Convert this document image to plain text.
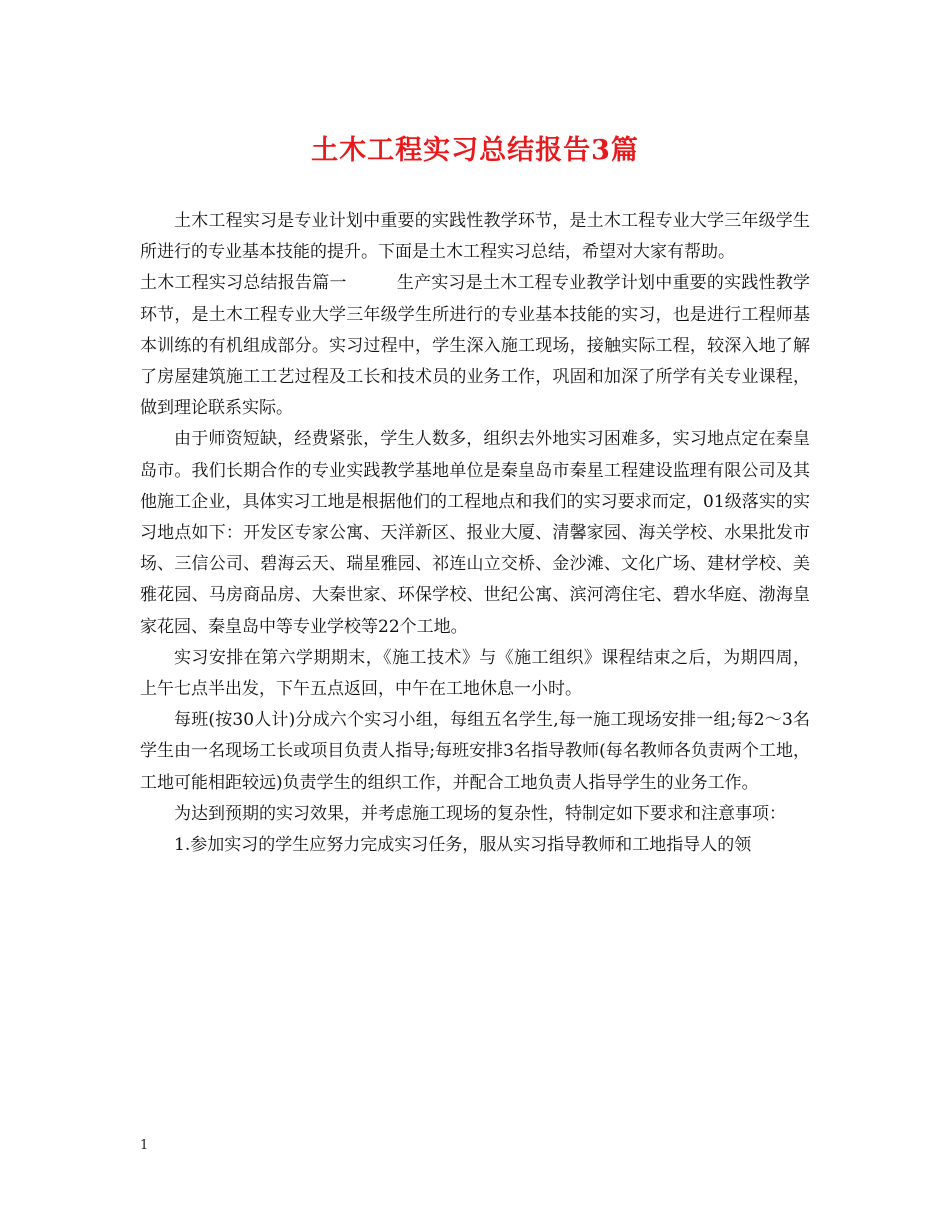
土木工程实习总结报告3篇

土木工程实习是专业计划中重要的实践性教学环节，是土木工程专业大学三年级学生所进行的专业基本技能的提升。下面是土木工程实习总结，希望对大家有帮助。

土木工程实习总结报告篇一	生产实习是土木工程专业教学计划中重要的实践性教学环节，是土木工程专业大学三年级学生所进行的专业基本技能的实习，也是进行工程师基本训练的有机组成部分。实习过程中，学生深入施工现场，接触实际工程，较深入地了解了房屋建筑施工工艺过程及工长和技术员的业务工作，巩固和加深了所学有关专业课程，做到理论联系实际。

由于师资短缺，经费紧张，学生人数多，组织去外地实习困难多，实习地点定在秦皇岛市。我们长期合作的专业实践教学基地单位是秦皇岛市秦星工程建设监理有限公司及其他施工企业，具体实习工地是根据他们的工程地点和我们的实习要求而定，01级落实的实习地点如下：开发区专家公寓、天洋新区、报业大厦、清馨家园、海关学校、水果批发市场、三信公司、碧海云天、瑞星雅园、祁连山立交桥、金沙滩、文化广场、建材学校、美雅花园、马房商品房、大秦世家、环保学校、世纪公寓、滨河湾住宅、碧水华庭、渤海皇家花园、秦皇岛中等专业学校等22个工地。

实习安排在第六学期期末，《施工技术》与《施工组织》课程结束之后，为期四周，上午七点半出发，下午五点返回，中午在工地休息一小时。

每班(按30人计)分成六个实习小组，每组五名学生,每一施工现场安排一组;每2～3名学生由一名现场工长或项目负责人指导;每班安排3名指导教师(每名教师各负责两个工地，工地可能相距较远)负责学生的组织工作，并配合工地负责人指导学生的业务工作。

为达到预期的实习效果，并考虑施工现场的复杂性，特制定如下要求和注意事项：

1.参加实习的学生应努力完成实习任务，服从实习指导教师和工地指导人的领

1
